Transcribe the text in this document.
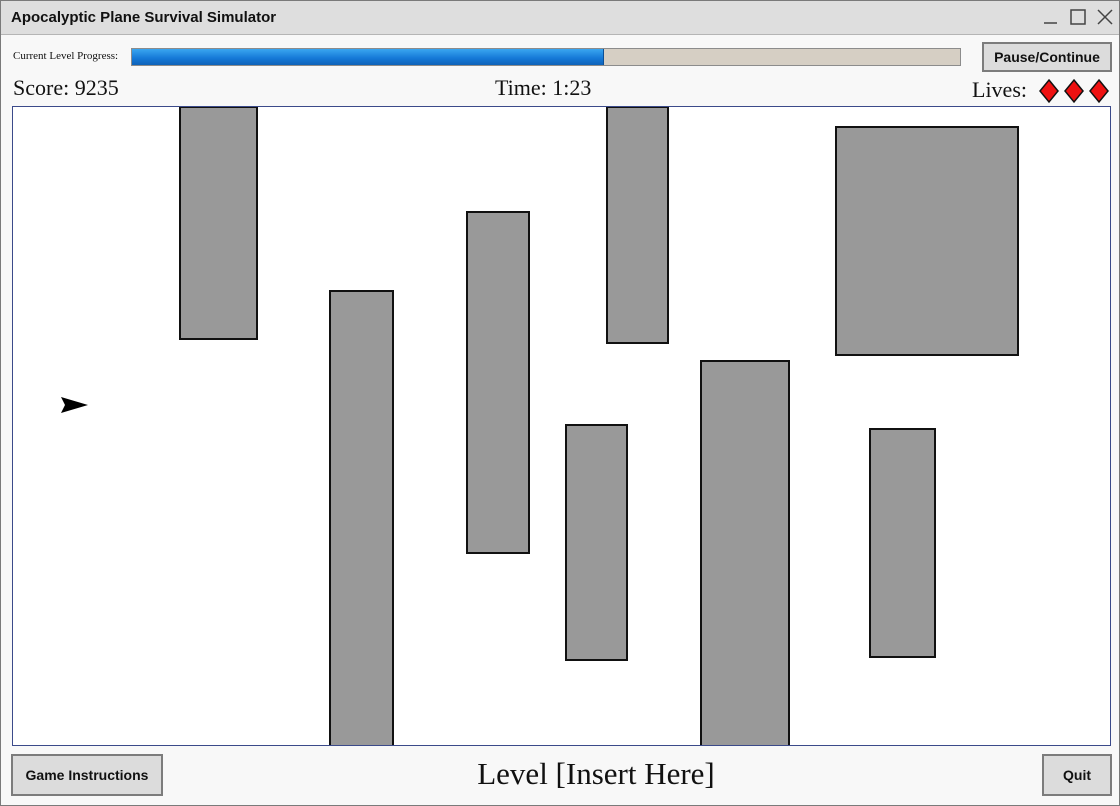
Apocalyptic Plane Survival Simulator
Current Level Progress:	Pause/Continue
Score: 9235	Time: 1:23	Lives:
Game Instructions	Level [Insert Here]	Quit
